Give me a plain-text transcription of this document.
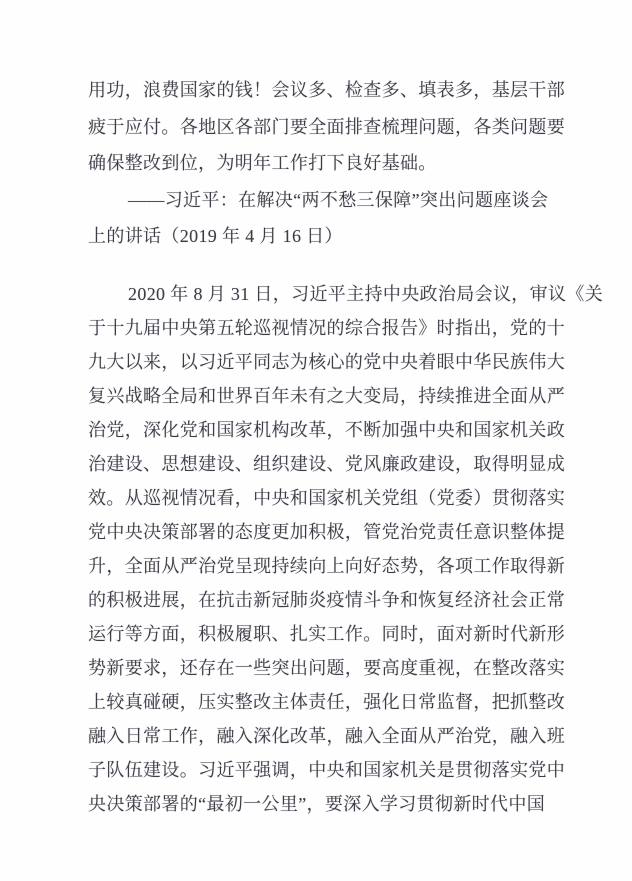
用功，浪费国家的钱！会议多、检查多、填表多，基层干部
疲于应付。各地区各部门要全面排查梳理问题，各类问题要
确保整改到位，为明年工作打下良好基础。
——习近平：在解决“两不愁三保障”突出问题座谈会
上的讲话（2019 年 4 月 16 日）
2020 年 8 月 31 日，习近平主持中央政治局会议，审议《关
于十九届中央第五轮巡视情况的综合报告》时指出，党的十
九大以来，以习近平同志为核心的党中央着眼中华民族伟大
复兴战略全局和世界百年未有之大变局，持续推进全面从严
治党，深化党和国家机构改革，不断加强中央和国家机关政
治建设、思想建设、组织建设、党风廉政建设，取得明显成
效。从巡视情况看，中央和国家机关党组（党委）贯彻落实
党中央决策部署的态度更加积极，管党治党责任意识整体提
升，全面从严治党呈现持续向上向好态势，各项工作取得新
的积极进展，在抗击新冠肺炎疫情斗争和恢复经济社会正常
运行等方面，积极履职、扎实工作。同时，面对新时代新形
势新要求，还存在一些突出问题，要高度重视，在整改落实
上较真碰硬，压实整改主体责任，强化日常监督，把抓整改
融入日常工作，融入深化改革，融入全面从严治党，融入班
子队伍建设。习近平强调，中央和国家机关是贯彻落实党中
央决策部署的“最初一公里”，要深入学习贯彻新时代中国
